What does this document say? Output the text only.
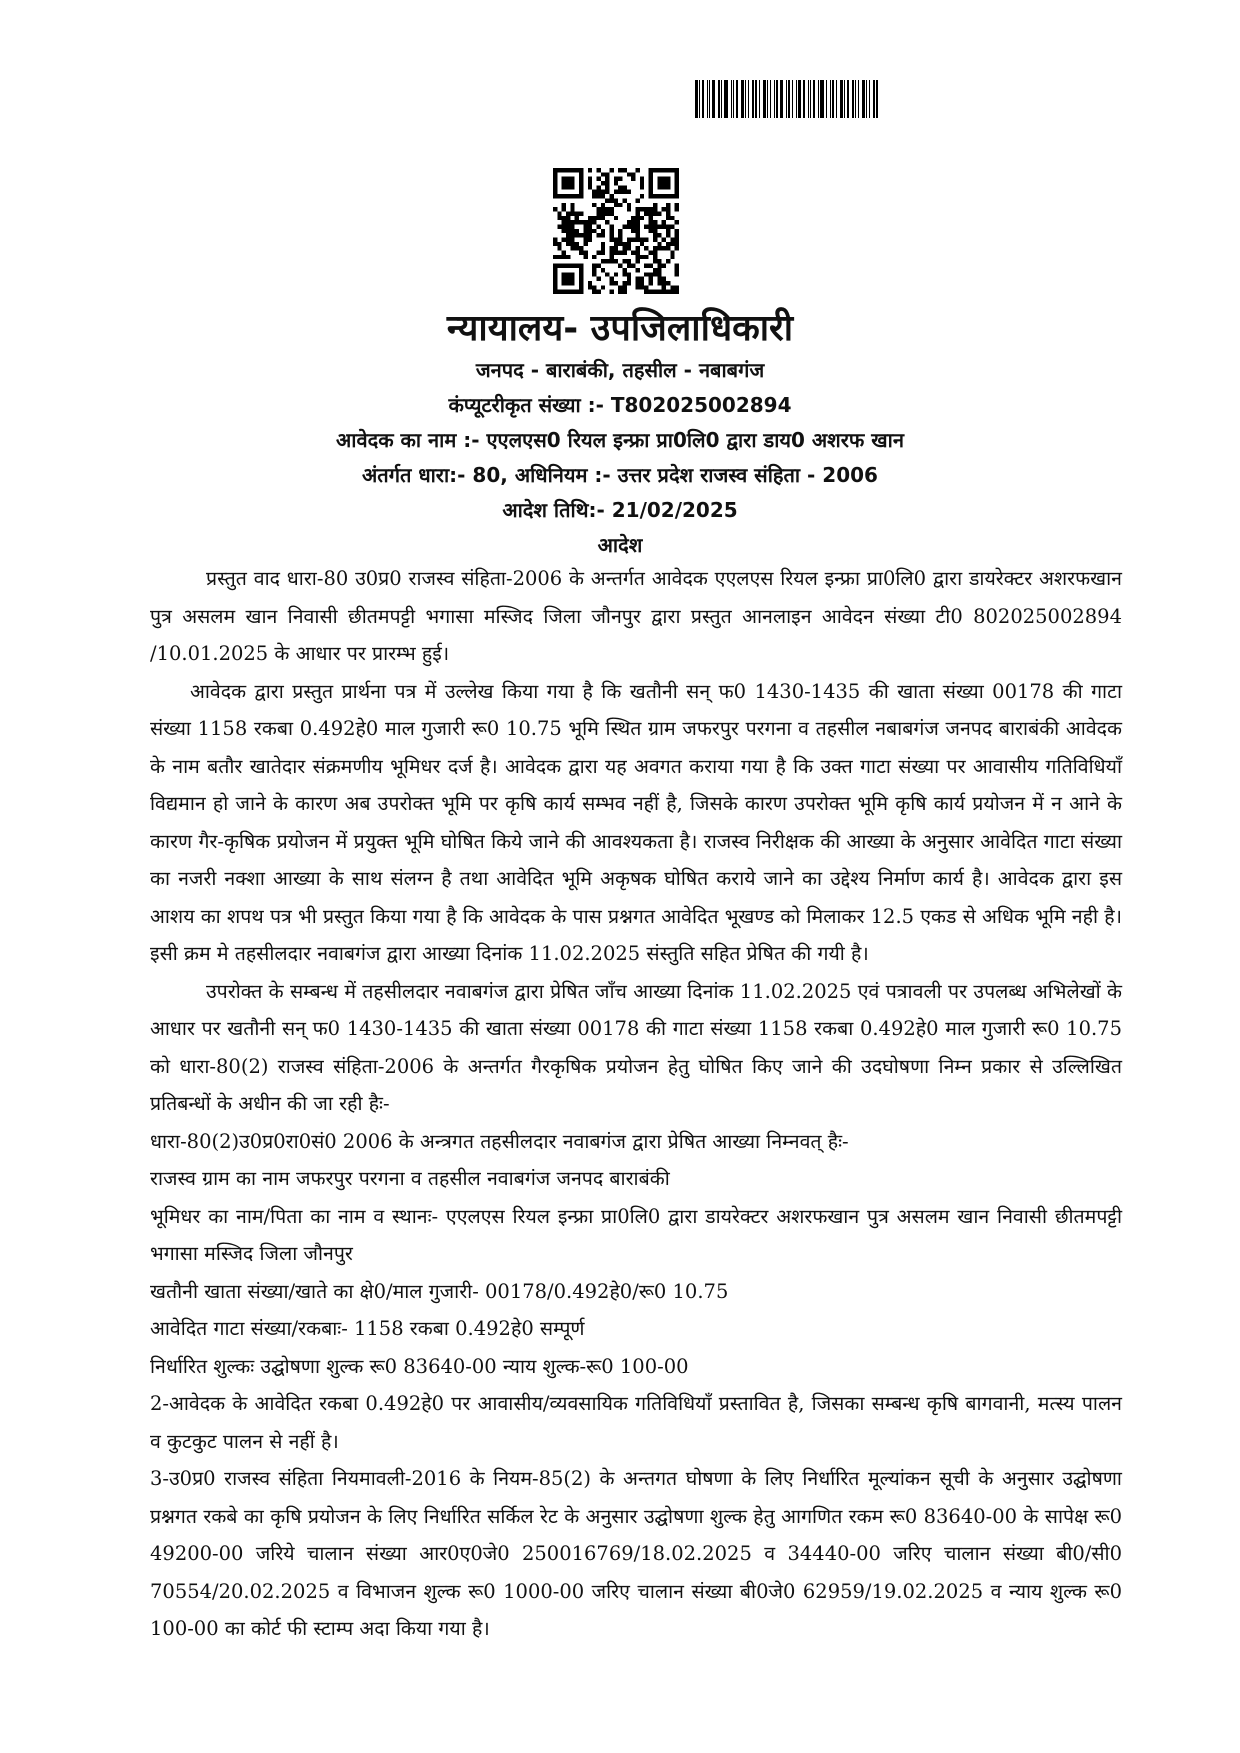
न्यायालय- उपजिलाधिकारी

जनपद - बाराबंकी, तहसील - नबाबगंज

कंप्यूटरीकृत संख्या :- T802025002894

आवेदक का नाम :- एएलएस0 रियल इन्फ्रा प्रा0लि0 द्वारा डाय0 अशरफ खान

अंतर्गत धारा:- 80, अधिनियम :- उत्तर प्रदेश राजस्व संहिता - 2006

आदेश तिथि:- 21/02/2025

आदेश

प्रस्तुत वाद धारा-80 उ0प्र0 राजस्व संहिता-2006 के अन्तर्गत आवेदक एएलएस रियल इन्फ्रा प्रा0लि0 द्वारा डायरेक्टर अशरफखान पुत्र असलम खान निवासी छीतमपट्टी भगासा मस्जिद जिला जौनपुर द्वारा प्रस्तुत आनलाइन आवेदन संख्या टी0 802025002894 /10.01.2025 के आधार पर प्रारम्भ हुई।

आवेदक द्वारा प्रस्तुत प्रार्थना पत्र में उल्लेख किया गया है कि खतौनी सन् फ0 1430-1435 की खाता संख्या 00178 की गाटा संख्या 1158 रकबा 0.492हे0 माल गुजारी रू0 10.75 भूमि स्थित ग्राम जफरपुर परगना व तहसील नबाबगंज जनपद बाराबंकी आवेदक के नाम बतौर खातेदार संक्रमणीय भूमिधर दर्ज है। आवेदक द्वारा यह अवगत कराया गया है कि उक्त गाटा संख्या पर आवासीय गतिविधियाँ विद्यमान हो जाने के कारण अब उपरोक्त भूमि पर कृषि कार्य सम्भव नहीं है, जिसके कारण उपरोक्त भूमि कृषि कार्य प्रयोजन में न आने के कारण गैर-कृषिक प्रयोजन में प्रयुक्त भूमि घोषित किये जाने की आवश्यकता है। राजस्व निरीक्षक की आख्या के अनुसार आवेदित गाटा संख्या का नजरी नक्शा आख्या के साथ संलग्न है तथा आवेदित भूमि अकृषक घोषित कराये जाने का उद्देश्य निर्माण कार्य है। आवेदक द्वारा इस आशय का शपथ पत्र भी प्रस्तुत किया गया है कि आवेदक के पास प्रश्नगत आवेदित भूखण्ड को मिलाकर 12.5 एकड से अधिक भूमि नही है। इसी क्रम मे तहसीलदार नवाबगंज द्वारा आख्या दिनांक 11.02.2025 संस्तुति सहित प्रेषित की गयी है।

उपरोक्त के सम्बन्ध में तहसीलदार नवाबगंज द्वारा प्रेषित जाँच आख्या दिनांक 11.02.2025 एवं पत्रावली पर उपलब्ध अभिलेखों के आधार पर खतौनी सन् फ0 1430-1435 की खाता संख्या 00178 की गाटा संख्या 1158 रकबा 0.492हे0 माल गुजारी रू0 10.75 को धारा-80(2) राजस्व संहिता-2006 के अन्तर्गत गैरकृषिक प्रयोजन हेतु घोषित किए जाने की उदघोषणा निम्न प्रकार से उल्लिखित प्रतिबन्धों के अधीन की जा रही हैः-

धारा-80(2)उ0प्र0रा0सं0 2006 के अन्त्रगत तहसीलदार नवाबगंज द्वारा प्रेषित आख्या निम्नवत् हैः-

राजस्व ग्राम का नाम जफरपुर परगना व तहसील नवाबगंज जनपद बाराबंकी

भूमिधर का नाम/पिता का नाम व स्थानः- एएलएस रियल इन्फ्रा प्रा0लि0 द्वारा डायरेक्टर अशरफखान पुत्र असलम खान निवासी छीतमपट्टी भगासा मस्जिद जिला जौनपुर

खतौनी खाता संख्या/खाते का क्षे0/माल गुजारी- 00178/0.492हे0/रू0 10.75

आवेदित गाटा संख्या/रकबाः- 1158 रकबा 0.492हे0 सम्पूर्ण

निर्धारित शुल्कः उद्घोषणा शुल्क रू0 83640-00 न्याय शुल्क-रू0 100-00

2-आवेदक के आवेदित रकबा 0.492हे0 पर आवासीय/व्यवसायिक गतिविधियाँ प्रस्तावित है, जिसका सम्बन्ध कृषि बागवानी, मत्स्य पालन व कुटकुट पालन से नहीं है।

3-उ0प्र0 राजस्व संहिता नियमावली-2016 के नियम-85(2) के अन्तगत घोषणा के लिए निर्धारित मूल्यांकन सूची के अनुसार उद्घोषणा प्रश्नगत रकबे का कृषि प्रयोजन के लिए निर्धारित सर्किल रेट के अनुसार उद्घोषणा शुल्क हेतु आगणित रकम रू0 83640-00 के सापेक्ष रू0 49200-00 जरिये चालान संख्या आर0ए0जे0 250016769/18.02.2025 व 34440-00 जरिए चालान संख्या बी0/सी0 70554/20.02.2025 व विभाजन शुल्क रू0 1000-00 जरिए चालान संख्या बी0जे0 62959/19.02.2025 व न्याय शुल्क रू0 100-00 का कोर्ट फी स्टाम्प अदा किया गया है।
